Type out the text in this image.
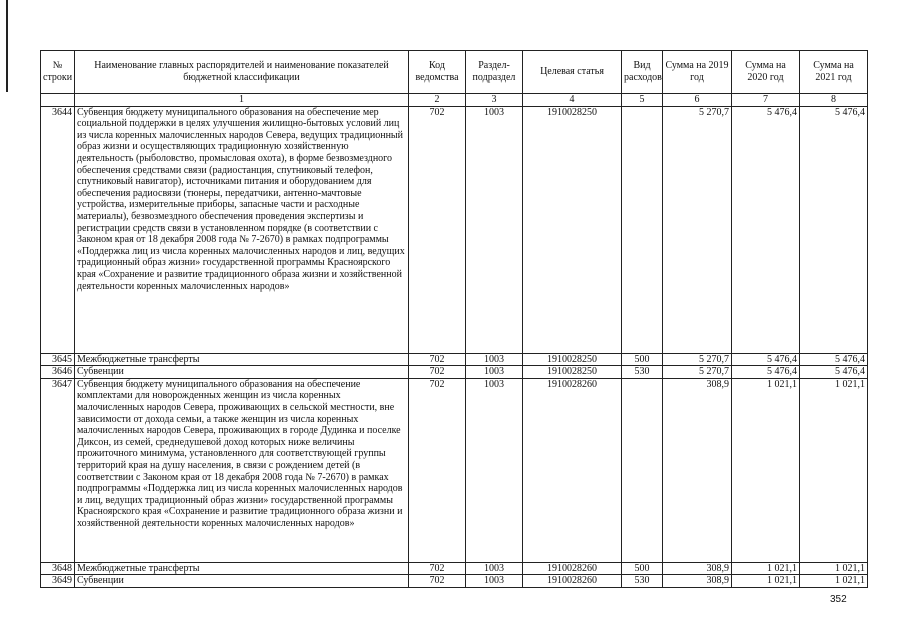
№ строки	Наименование главных распорядителей и наименование показателей бюджетной классификации	Код ведомства	Раздел-подраздел	Целевая статья	Вид расходов	Сумма на 2019 год	Сумма на 2020 год	Сумма на 2021 год
	1	2	3	4	5	6	7	8
3644	Субвенция бюджету муниципального образования на обеспечение мер социальной поддержки в целях улучшения жилищно-бытовых условий лиц из числа коренных малочисленных народов Севера, ведущих традиционный образ жизни и осуществляющих традиционную хозяйственную деятельность (рыболовство, промысловая охота), в форме безвозмездного обеспечения средствами связи (радиостанция, спутниковый телефон, спутниковый навигатор), источниками питания и оборудованием для обеспечения радиосвязи (тюнеры, передатчики, антенно-мачтовые устройства, измерительные приборы, запасные части и расходные материалы), безвозмездного обеспечения проведения экспертизы и регистрации средств связи в установленном порядке (в соответствии с Законом края от 18 декабря 2008 года № 7-2670) в рамках подпрограммы «Поддержка лиц из числа коренных малочисленных народов и лиц, ведущих традиционный образ жизни» государственной программы Красноярского края «Сохранение и развитие традиционного образа жизни и хозяйственной деятельности коренных малочисленных народов»	702	1003	1910028250		5 270,7	5 476,4	5 476,4
3645	Межбюджетные трансферты	702	1003	1910028250	500	5 270,7	5 476,4	5 476,4
3646	Субвенции	702	1003	1910028250	530	5 270,7	5 476,4	5 476,4
3647	Субвенция бюджету муниципального образования на обеспечение комплектами для новорожденных женщин из числа коренных малочисленных народов Севера, проживающих в сельской местности, вне зависимости от дохода семьи, а также женщин из числа коренных малочисленных народов Севера, проживающих в городе Дудинка и поселке Диксон, из семей, среднедушевой доход которых ниже величины прожиточного минимума, установленного для соответствующей группы территорий края на душу населения, в связи с рождением детей (в соответствии с Законом края от 18 декабря 2008 года № 7-2670) в рамках подпрограммы «Поддержка лиц из числа коренных малочисленных народов и лиц, ведущих традиционный образ жизни» государственной программы Красноярского края «Сохранение и развитие традиционного образа жизни и хозяйственной деятельности коренных малочисленных народов»	702	1003	1910028260		308,9	1 021,1	1 021,1
3648	Межбюджетные трансферты	702	1003	1910028260	500	308,9	1 021,1	1 021,1
3649	Субвенции	702	1003	1910028260	530	308,9	1 021,1	1 021,1
352
